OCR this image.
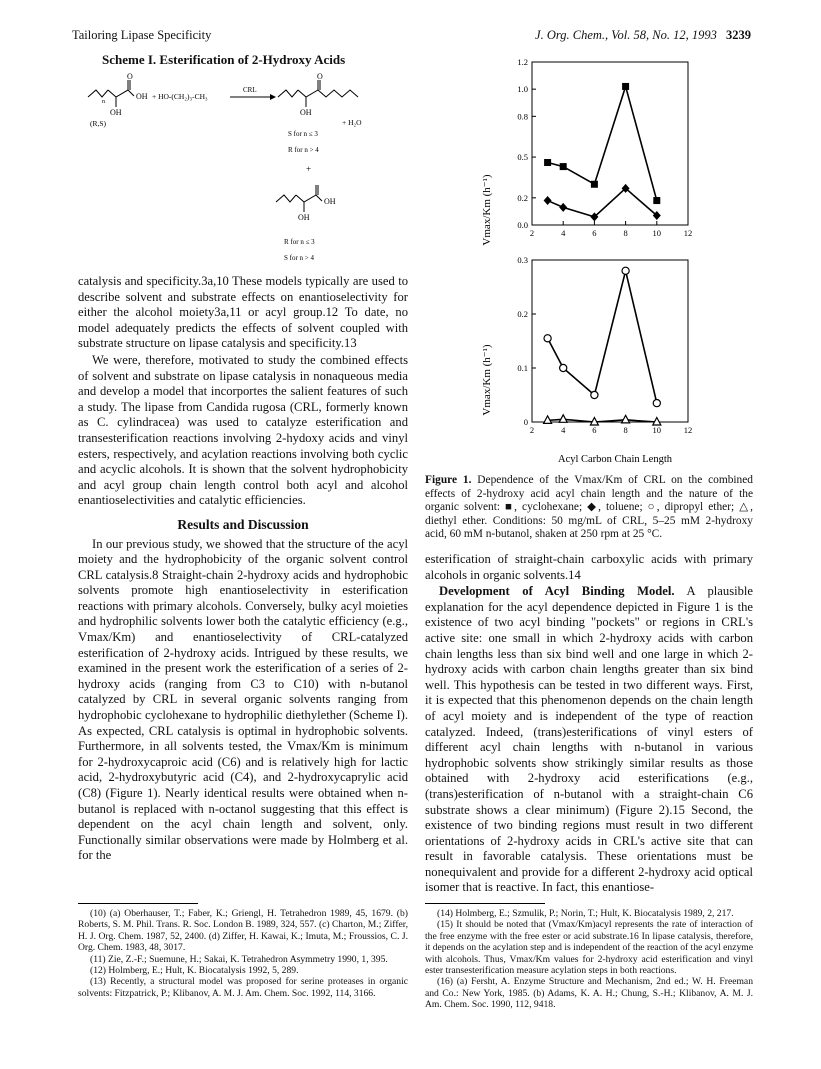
Tailoring Lipase Specificity	J. Org. Chem., Vol. 58, No. 12, 1993 3239
Scheme I. Esterification of 2-Hydroxy Acids
O
OH
OH
n
(R,S)
+ HO-(CH₂)₃-CH₃
CRL
O
OH
+ H₂O
S for n ≤ 3
R for n > 4
+
OH
OH
R for n ≤ 3
S for n > 4

catalysis and specificity.3a,10 These models typically are used to describe solvent and substrate effects on enantioselectivity for either the alcohol moiety3a,11 or acyl group.12 To date, no model adequately predicts the effects of solvent coupled with substrate structure on lipase catalysis and specificity.13

We were, therefore, motivated to study the combined effects of solvent and substrate on lipase catalysis in nonaqueous media and develop a model that incorportes the salient features of such a study. The lipase from Candida rugosa (CRL, formerly known as C. cylindracea) was used to catalyze esterification and transesterification reactions involving 2-hydoxy acids and vinyl esters, respectively, and acylation reactions involving both cyclic and acyclic alcohols. It is shown that the solvent hydrophobicity and acyl group chain length control both acyl and alcohol enantioselectivities and catalytic efficiencies.

Results and Discussion

In our previous study, we showed that the structure of the acyl moiety and the hydrophobicity of the organic solvent control CRL catalysis.8 Straight-chain 2-hydroxy acids and hydrophobic solvents promote high enantioselectivity in esterification reactions with primary alcohols. Conversely, bulky acyl moieties and hydrophilic solvents lower both the catalytic efficiency (e.g., Vmax/Km) and enantioselectivity of CRL-catalyzed esterification of 2-hydroxy acids. Intrigued by these results, we examined in the present work the esterification of a series of 2-hydroxy acids (ranging from C3 to C10) with n-butanol catalyzed by CRL in several organic solvents ranging from hydrophobic cyclohexane to hydrophilic diethylether (Scheme I). As expected, CRL catalysis is optimal in hydrophobic solvents. Furthermore, in all solvents tested, the Vmax/Km is minimum for 2-hydroxycaproic acid (C6) and is relatively high for lactic acid, 2-hydroxybutyric acid (C4), and 2-hydroxycaprylic acid (C8) (Figure 1). Nearly identical results were obtained when n-butanol is replaced with n-octanol suggesting that this effect is dependent on the acyl chain length and solvent, only. Functionally similar observations were made by Holmberg et al. for the

(10) (a) Oberhauser, T.; Faber, K.; Griengl, H. Tetrahedron 1989, 45, 1679. (b) Roberts, S. M. Phil. Trans. R. Soc. London B. 1989, 324, 557. (c) Charton, M.; Ziffer, H. J. Org. Chem. 1987, 52, 2400. (d) Ziffer, H. Kawai, K.; Imuta, M.; Froussios, C. J. Org. Chem. 1983, 48, 3017.

(11) Zie, Z.-F.; Suemune, H.; Sakai, K. Tetrahedron Asymmetry 1990, 1, 395.

(12) Holmberg, E.; Hult, K. Biocatalysis 1992, 5, 289.

(13) Recently, a structural model was proposed for serine proteases in organic solvents: Fitzpatrick, P.; Klibanov, A. M. J. Am. Chem. Soc. 1992, 114, 3166.

2	4	6	8	10	12
0.0
0.2
0.5
0.8
1.0
1.2
2	4	6	8	10	12
0
0.1
0.2
0.3
Vmax/Km (h⁻¹)
Vmax/Km (h⁻¹)
Acyl Carbon Chain Length
Figure 1. Dependence of the Vmax/Km of CRL on the combined effects of 2-hydroxy acid acyl chain length and the nature of the organic solvent: ■, cyclohexane; ◆, toluene; ○, dipropyl ether; △, diethyl ether. Conditions: 50 mg/mL of CRL, 5–25 mM 2-hydroxy acid, 60 mM n-butanol, shaken at 250 rpm at 25 °C.

esterification of straight-chain carboxylic acids with primary alcohols in organic solvents.14

Development of Acyl Binding Model. A plausible explanation for the acyl dependence depicted in Figure 1 is the existence of two acyl binding "pockets" or regions in CRL's active site: one small in which 2-hydroxy acids with carbon chain lengths less than six bind well and one large in which 2-hydroxy acids with carbon chain lengths greater than six bind well. This hypothesis can be tested in two different ways. First, it is expected that this phenomenon depends on the chain length of acyl moiety and is independent of the type of reaction catalyzed. Indeed, (trans)esterifications of vinyl esters of different acyl chain lengths with n-butanol in various hydrophobic solvents show strikingly similar results as those obtained with 2-hydroxy acid esterifications (e.g., (trans)esterification of n-butanol with a straight-chain C6 substrate shows a clear minimum) (Figure 2).15 Second, the existence of two binding regions must result in two different orientations of 2-hydroxy acids in CRL's active site that can result in favorable catalysis. These orientations must be nonequivalent and provide for a different 2-hydroxy acid optical isomer that is reactive. In fact, this enantiose-

(14) Holmberg, E.; Szmulik, P.; Norin, T.; Hult, K. Biocatalysis 1989, 2, 217.

(15) It should be noted that (Vmax/Km)acyl represents the rate of interaction of the free enzyme with the free ester or acid substrate.16 In lipase catalysis, therefore, it depends on the acylation step and is independent of the reaction of the acyl enzyme with alcohols. Thus, Vmax/Km values for 2-hydroxy acid esterification and vinyl ester transesterification measure acylation steps in both reactions.

(16) (a) Fersht, A. Enzyme Structure and Mechanism, 2nd ed.; W. H. Freeman and Co.: New York, 1985. (b) Adams, K. A. H.; Chung, S.-H.; Klibanov, A. M. J. Am. Chem. Soc. 1990, 112, 9418.
